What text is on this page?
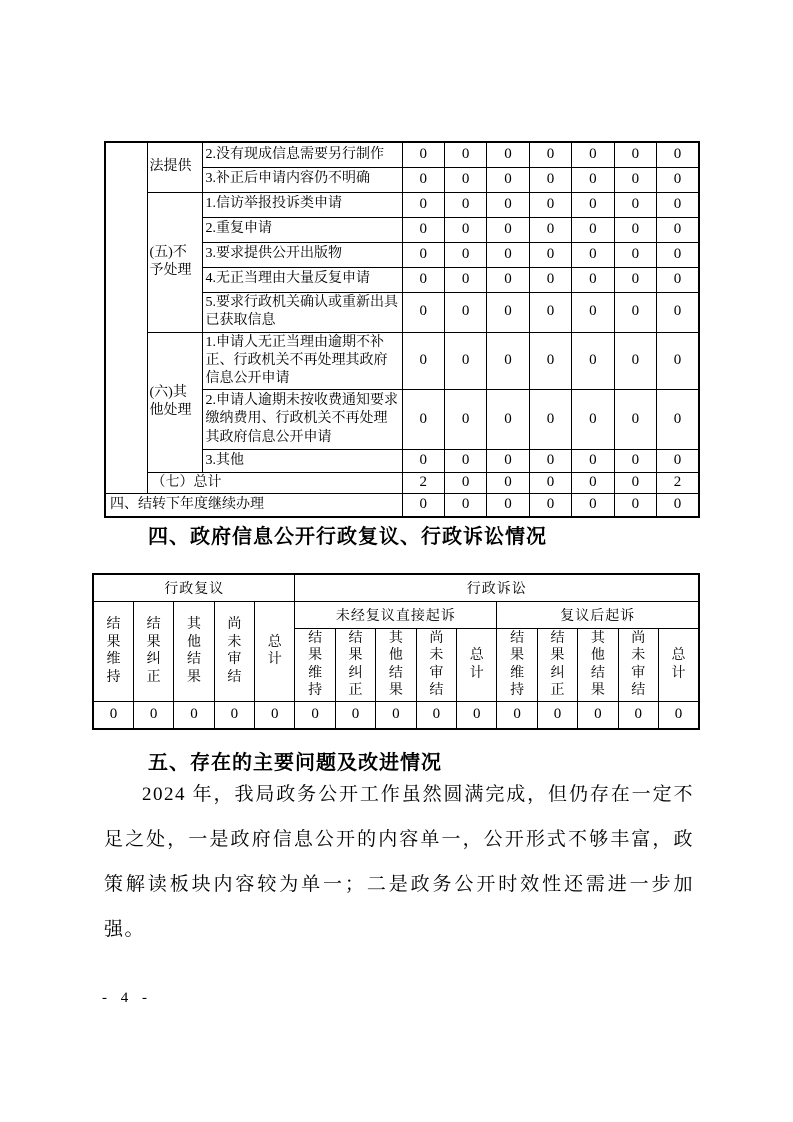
	法提供	2.没有现成信息需要另行制作	0	0	0	0	0	0	0
		3.补正后申请内容仍不明确	0	0	0	0	0	0	0
	(五)不予处理	1.信访举报投诉类申请	0	0	0	0	0	0	0
		2.重复申请	0	0	0	0	0	0	0
		3.要求提供公开出版物	0	0	0	0	0	0	0
		4.无正当理由大量反复申请	0	0	0	0	0	0	0
		5.要求行政机关确认或重新出具已获取信息	0	0	0	0	0	0	0
	(六)其他处理	1.申请人无正当理由逾期不补正、行政机关不再处理其政府信息公开申请	0	0	0	0	0	0	0
		2.申请人逾期未按收费通知要求缴纳费用、行政机关不再处理其政府信息公开申请	0	0	0	0	0	0	0
		3.其他	0	0	0	0	0	0	0
	（七）总计		2	0	0	0	0	0	2
四、结转下年度继续办理			0	0	0	0	0	0	0
四、政府信息公开行政复议、行政诉讼情况
行政复议					行政诉讼									
结果维持	结果纠正	其他结果	尚未审结	总计	未经复议直接起诉					复议后起诉				
					结果维持	结果纠正	其他结果	尚未审结	总计	结果维持	结果纠正	其他结果	尚未审结	总计
0	0	0	0	0	0	0	0	0	0	0	0	0	0	0
五、存在的主要问题及改进情况
2024 年，我局政务公开工作虽然圆满完成，但仍存在一定不足之处，一是政府信息公开的内容单一，公开形式不够丰富，政策解读板块内容较为单一；二是政务公开时效性还需进一步加强。
- 4 -
